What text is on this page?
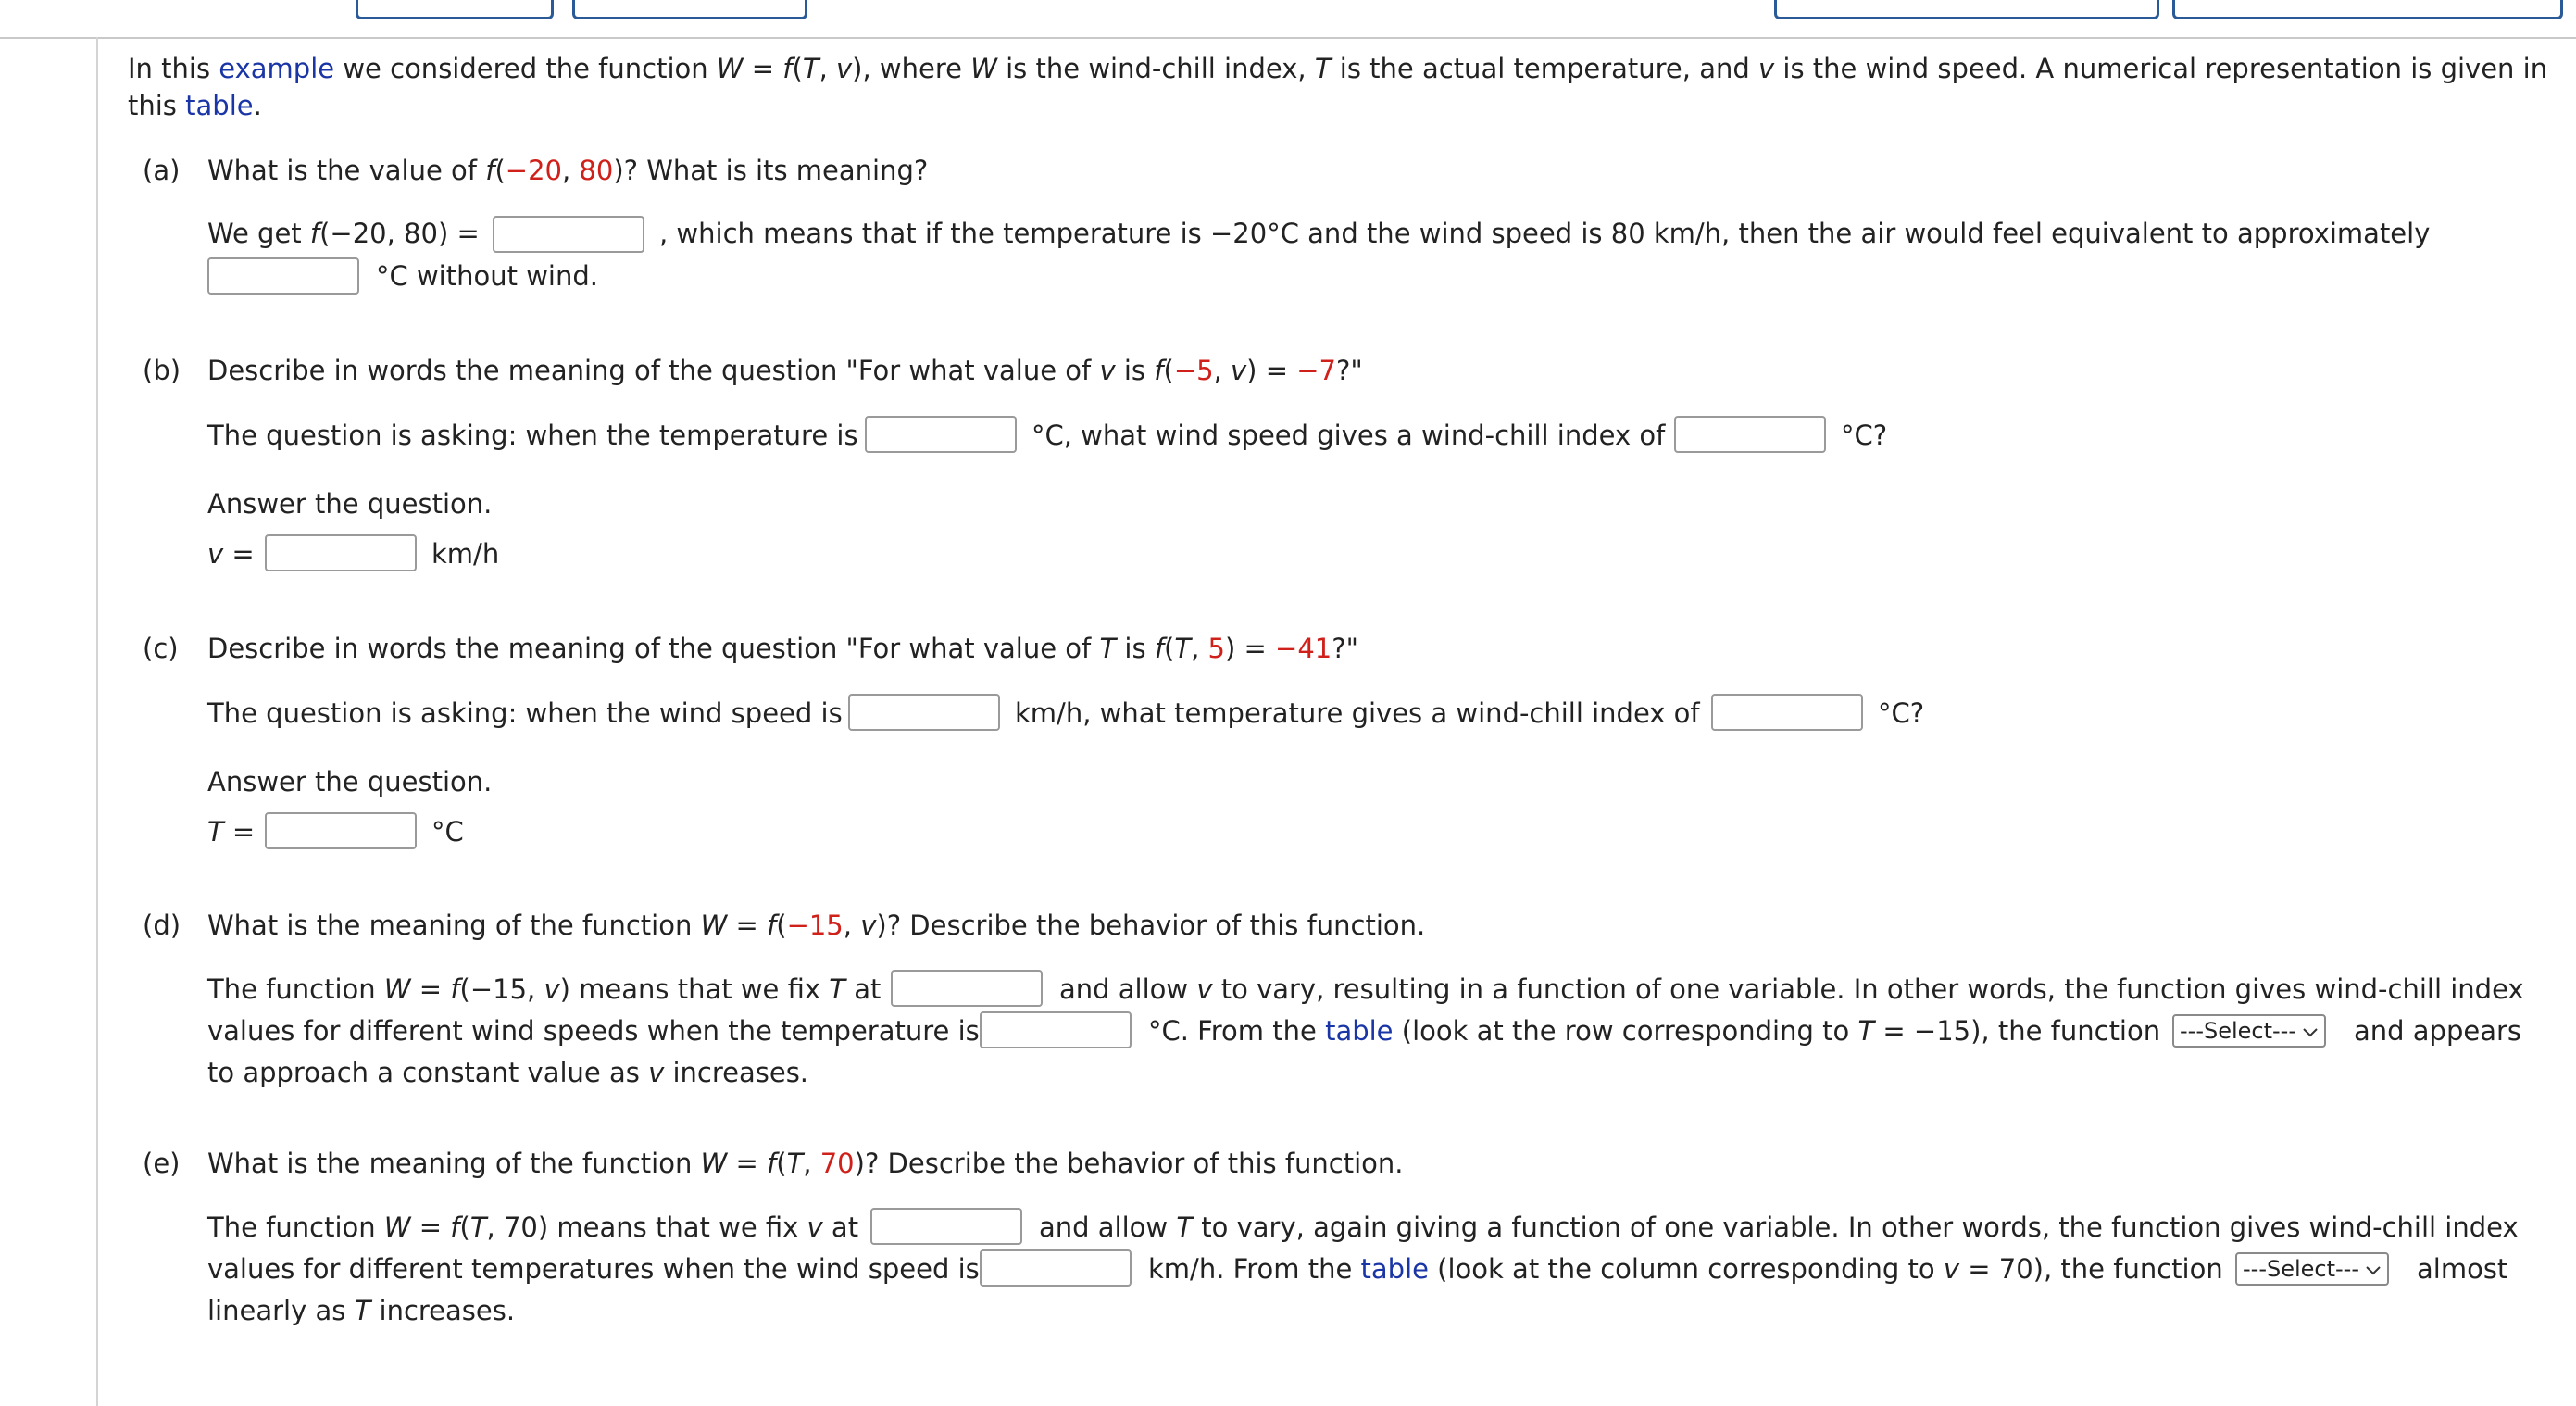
In this example we considered the function W = f(T, v), where W is the wind-chill index, T is the actual temperature, and v is the wind speed. A numerical representation is given in
this table.
(a) What is the value of f(−20, 80)? What is its meaning?
We get f(−20, 80) =	, which means that if the temperature is −20°C and the wind speed is 80 km/h, then the air would feel equivalent to approximately
°C without wind.
(b) Describe in words the meaning of the question "For what value of v is f(−5, v) = −7?"
The question is asking: when the temperature is	°C, what wind speed gives a wind-chill index of	°C?
Answer the question.
v =	km/h
(c) Describe in words the meaning of the question "For what value of T is f(T, 5) = −41?"
The question is asking: when the wind speed is	km/h, what temperature gives a wind-chill index of	°C?
Answer the question.
T =	°C
(d) What is the meaning of the function W = f(−15, v)? Describe the behavior of this function.
The function W = f(−15, v) means that we fix T at	and allow v to vary, resulting in a function of one variable. In other words, the function gives wind-chill index
values for different wind speeds when the temperature is	°C. From the table (look at the row corresponding to T = −15), the function ---Select---	and appears
to approach a constant value as v increases.
(e) What is the meaning of the function W = f(T, 70)? Describe the behavior of this function.
The function W = f(T, 70) means that we fix v at	and allow T to vary, again giving a function of one variable. In other words, the function gives wind-chill index
values for different temperatures when the wind speed is	km/h. From the table (look at the column corresponding to v = 70), the function ---Select---	almost
linearly as T increases.
